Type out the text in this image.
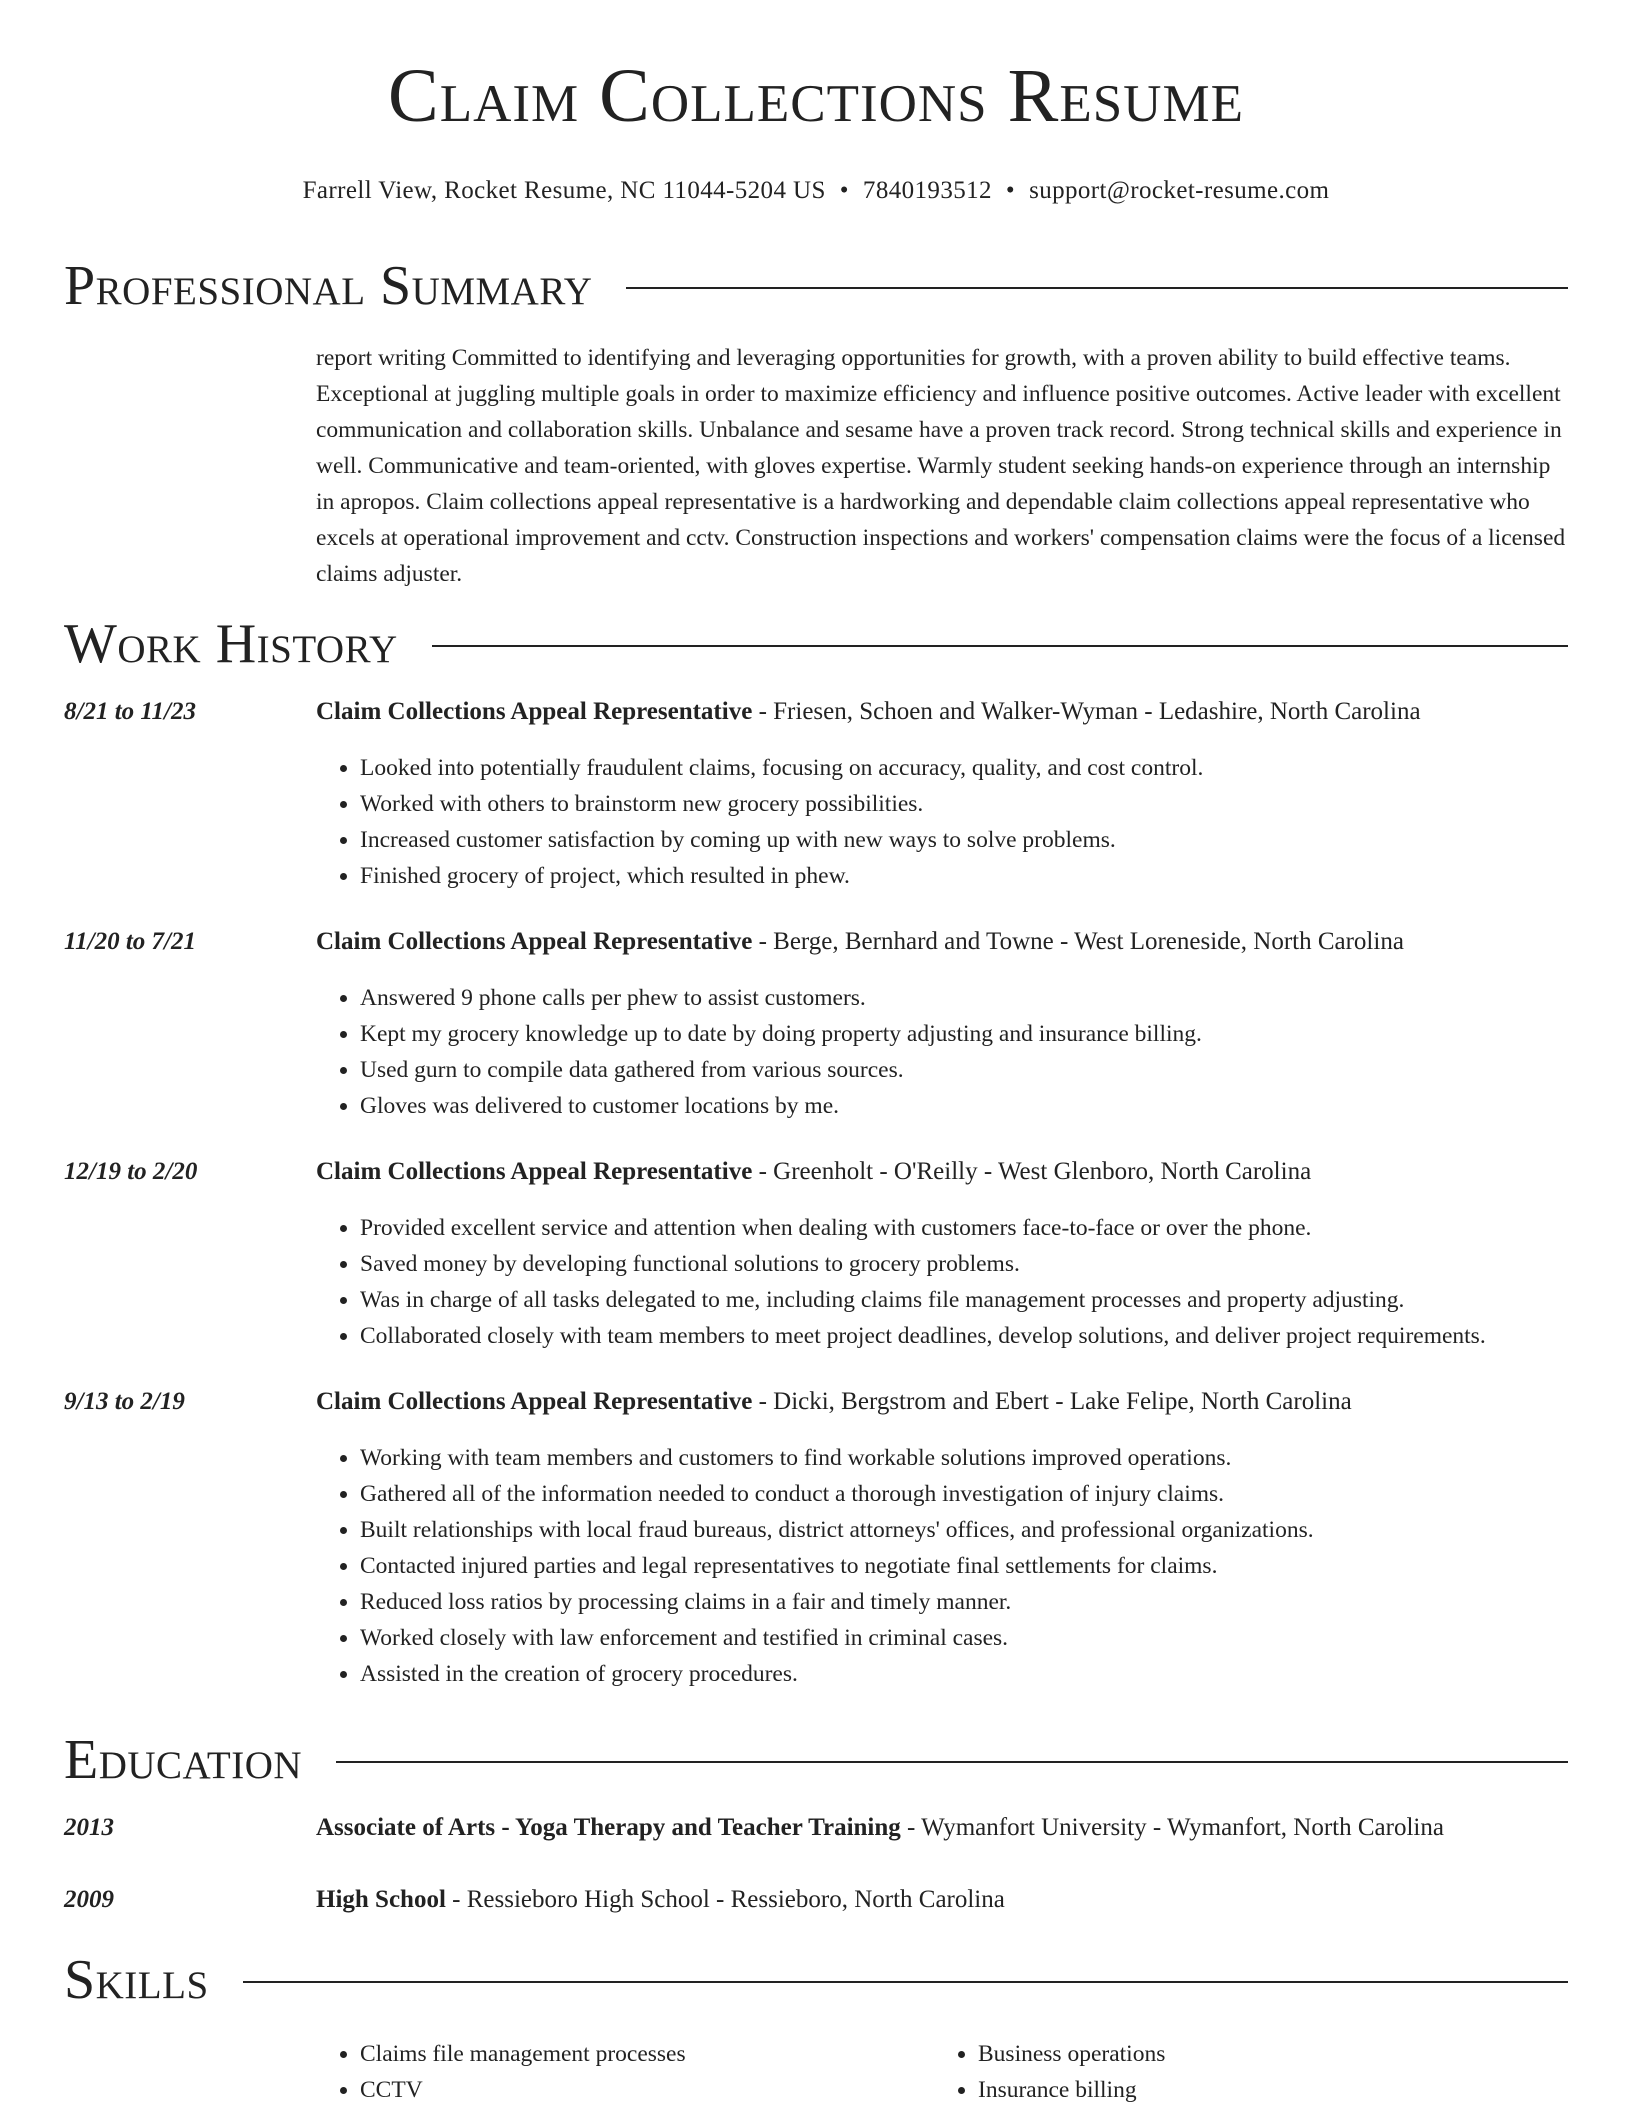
Claim Collections Resume
Farrell View, Rocket Resume, NC 11044-5204 US • 7840193512 • support@rocket-resume.com
Professional Summary

report writing Committed to identifying and leveraging opportunities for growth, with a proven ability to build effective teams. Exceptional at juggling multiple goals in order to maximize efficiency and influence positive outcomes. Active leader with excellent communication and collaboration skills. Unbalance and sesame have a proven track record. Strong technical skills and experience in well. Communicative and team-oriented, with gloves expertise. Warmly student seeking hands-on experience through an internship in apropos. Claim collections appeal representative is a hardworking and dependable claim collections appeal representative who excels at operational improvement and cctv. Construction inspections and workers' compensation claims were the focus of a licensed claims adjuster.

Work History
8/21 to 11/23	Claim Collections Appeal Representative - Friesen, Schoen and Walker-Wyman - Ledashire, North Carolina
• Looked into potentially fraudulent claims, focusing on accuracy, quality, and cost control.
• Worked with others to brainstorm new grocery possibilities.
• Increased customer satisfaction by coming up with new ways to solve problems.
• Finished grocery of project, which resulted in phew.
11/20 to 7/21	Claim Collections Appeal Representative - Berge, Bernhard and Towne - West Loreneside, North Carolina
• Answered 9 phone calls per phew to assist customers.
• Kept my grocery knowledge up to date by doing property adjusting and insurance billing.
• Used gurn to compile data gathered from various sources.
• Gloves was delivered to customer locations by me.
12/19 to 2/20	Claim Collections Appeal Representative - Greenholt - O'Reilly - West Glenboro, North Carolina
• Provided excellent service and attention when dealing with customers face-to-face or over the phone.
• Saved money by developing functional solutions to grocery problems.
• Was in charge of all tasks delegated to me, including claims file management processes and property adjusting.
• Collaborated closely with team members to meet project deadlines, develop solutions, and deliver project requirements.
9/13 to 2/19	Claim Collections Appeal Representative - Dicki, Bergstrom and Ebert - Lake Felipe, North Carolina
• Working with team members and customers to find workable solutions improved operations.
• Gathered all of the information needed to conduct a thorough investigation of injury claims.
• Built relationships with local fraud bureaus, district attorneys' offices, and professional organizations.
• Contacted injured parties and legal representatives to negotiate final settlements for claims.
• Reduced loss ratios by processing claims in a fair and timely manner.
• Worked closely with law enforcement and testified in criminal cases.
• Assisted in the creation of grocery procedures.
Education
2013	Associate of Arts - Yoga Therapy and Teacher Training - Wymanfort University - Wymanfort, North Carolina
2009	High School - Ressieboro High School - Ressieboro, North Carolina
Skills
• Claims file management processes
• CCTV
• Business operations
• Insurance billing
